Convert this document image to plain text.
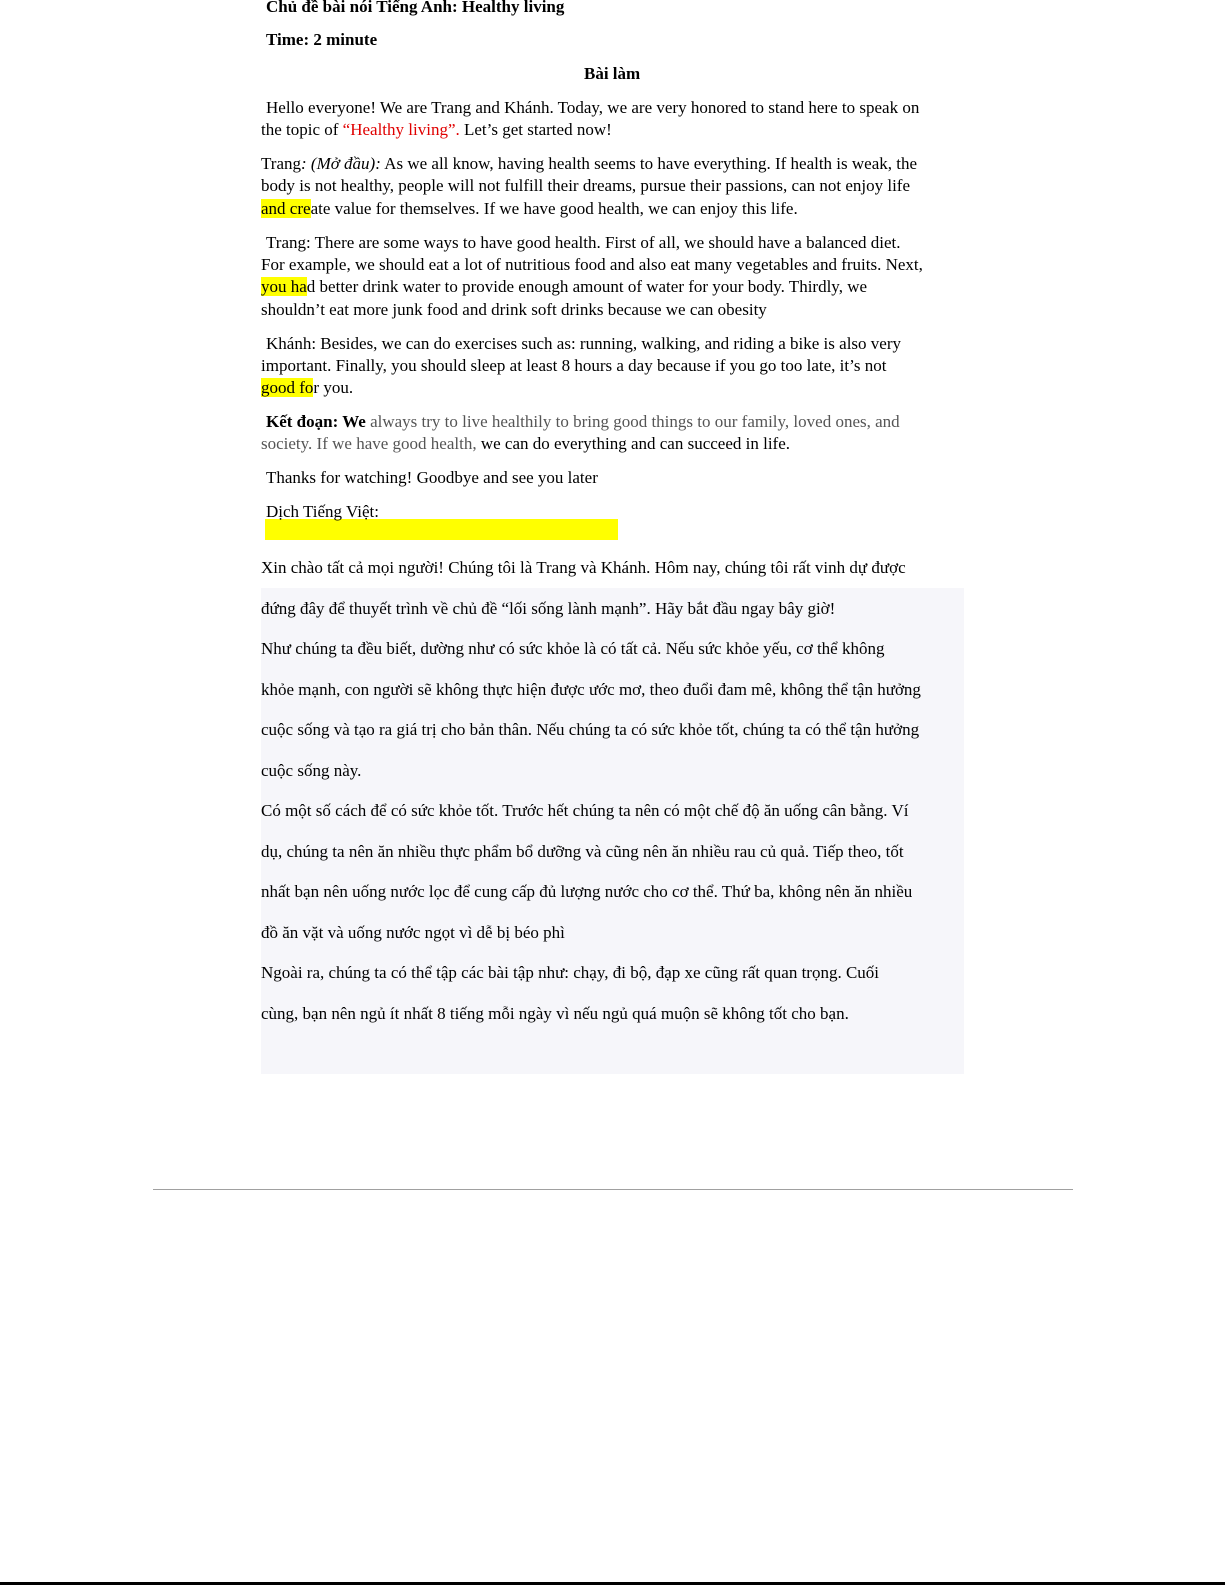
Chủ đề bài nói Tiếng Anh: Healthy living
Time: 2 minute
Bài làm
Hello everyone! We are Trang and Khánh. Today, we are very honored to stand here to speak on
the topic of “Healthy living”. Let’s get started now!
Trang: (Mở đầu): As we all know, having health seems to have everything. If health is weak, the
body is not healthy, people will not fulfill their dreams, pursue their passions, can not enjoy life
and create value for themselves. If we have good health, we can enjoy this life.
Trang: There are some ways to have good health. First of all, we should have a balanced diet.
For example, we should eat a lot of nutritious food and also eat many vegetables and fruits. Next,
you had better drink water to provide enough amount of water for your body. Thirdly, we
shouldn’t eat more junk food and drink soft drinks because we can obesity
Khánh: Besides, we can do exercises such as: running, walking, and riding a bike is also very
important. Finally, you should sleep at least 8 hours a day because if you go too late, it’s not
good for you.
Kết đoạn: We always try to live healthily to bring good things to our family, loved ones, and
society. If we have good health, we can do everything and can succeed in life.
Thanks for watching! Goodbye and see you later
Dịch Tiếng Việt:
Xin chào tất cả mọi người! Chúng tôi là Trang và Khánh. Hôm nay, chúng tôi rất vinh dự được
đứng đây để thuyết trình về chủ đề “lối sống lành mạnh”. Hãy bắt đầu ngay bây giờ!
Như chúng ta đều biết, dường như có sức khỏe là có tất cả. Nếu sức khỏe yếu, cơ thể không
khỏe mạnh, con người sẽ không thực hiện được ước mơ, theo đuổi đam mê, không thể tận hưởng
cuộc sống và tạo ra giá trị cho bản thân. Nếu chúng ta có sức khỏe tốt, chúng ta có thể tận hưởng
cuộc sống này.
Có một số cách để có sức khỏe tốt. Trước hết chúng ta nên có một chế độ ăn uống cân bằng. Ví
dụ, chúng ta nên ăn nhiều thực phẩm bổ dưỡng và cũng nên ăn nhiều rau củ quả. Tiếp theo, tốt
nhất bạn nên uống nước lọc để cung cấp đủ lượng nước cho cơ thể. Thứ ba, không nên ăn nhiều
đồ ăn vặt và uống nước ngọt vì dễ bị béo phì
Ngoài ra, chúng ta có thể tập các bài tập như: chạy, đi bộ, đạp xe cũng rất quan trọng. Cuối
cùng, bạn nên ngủ ít nhất 8 tiếng mỗi ngày vì nếu ngủ quá muộn sẽ không tốt cho bạn.
